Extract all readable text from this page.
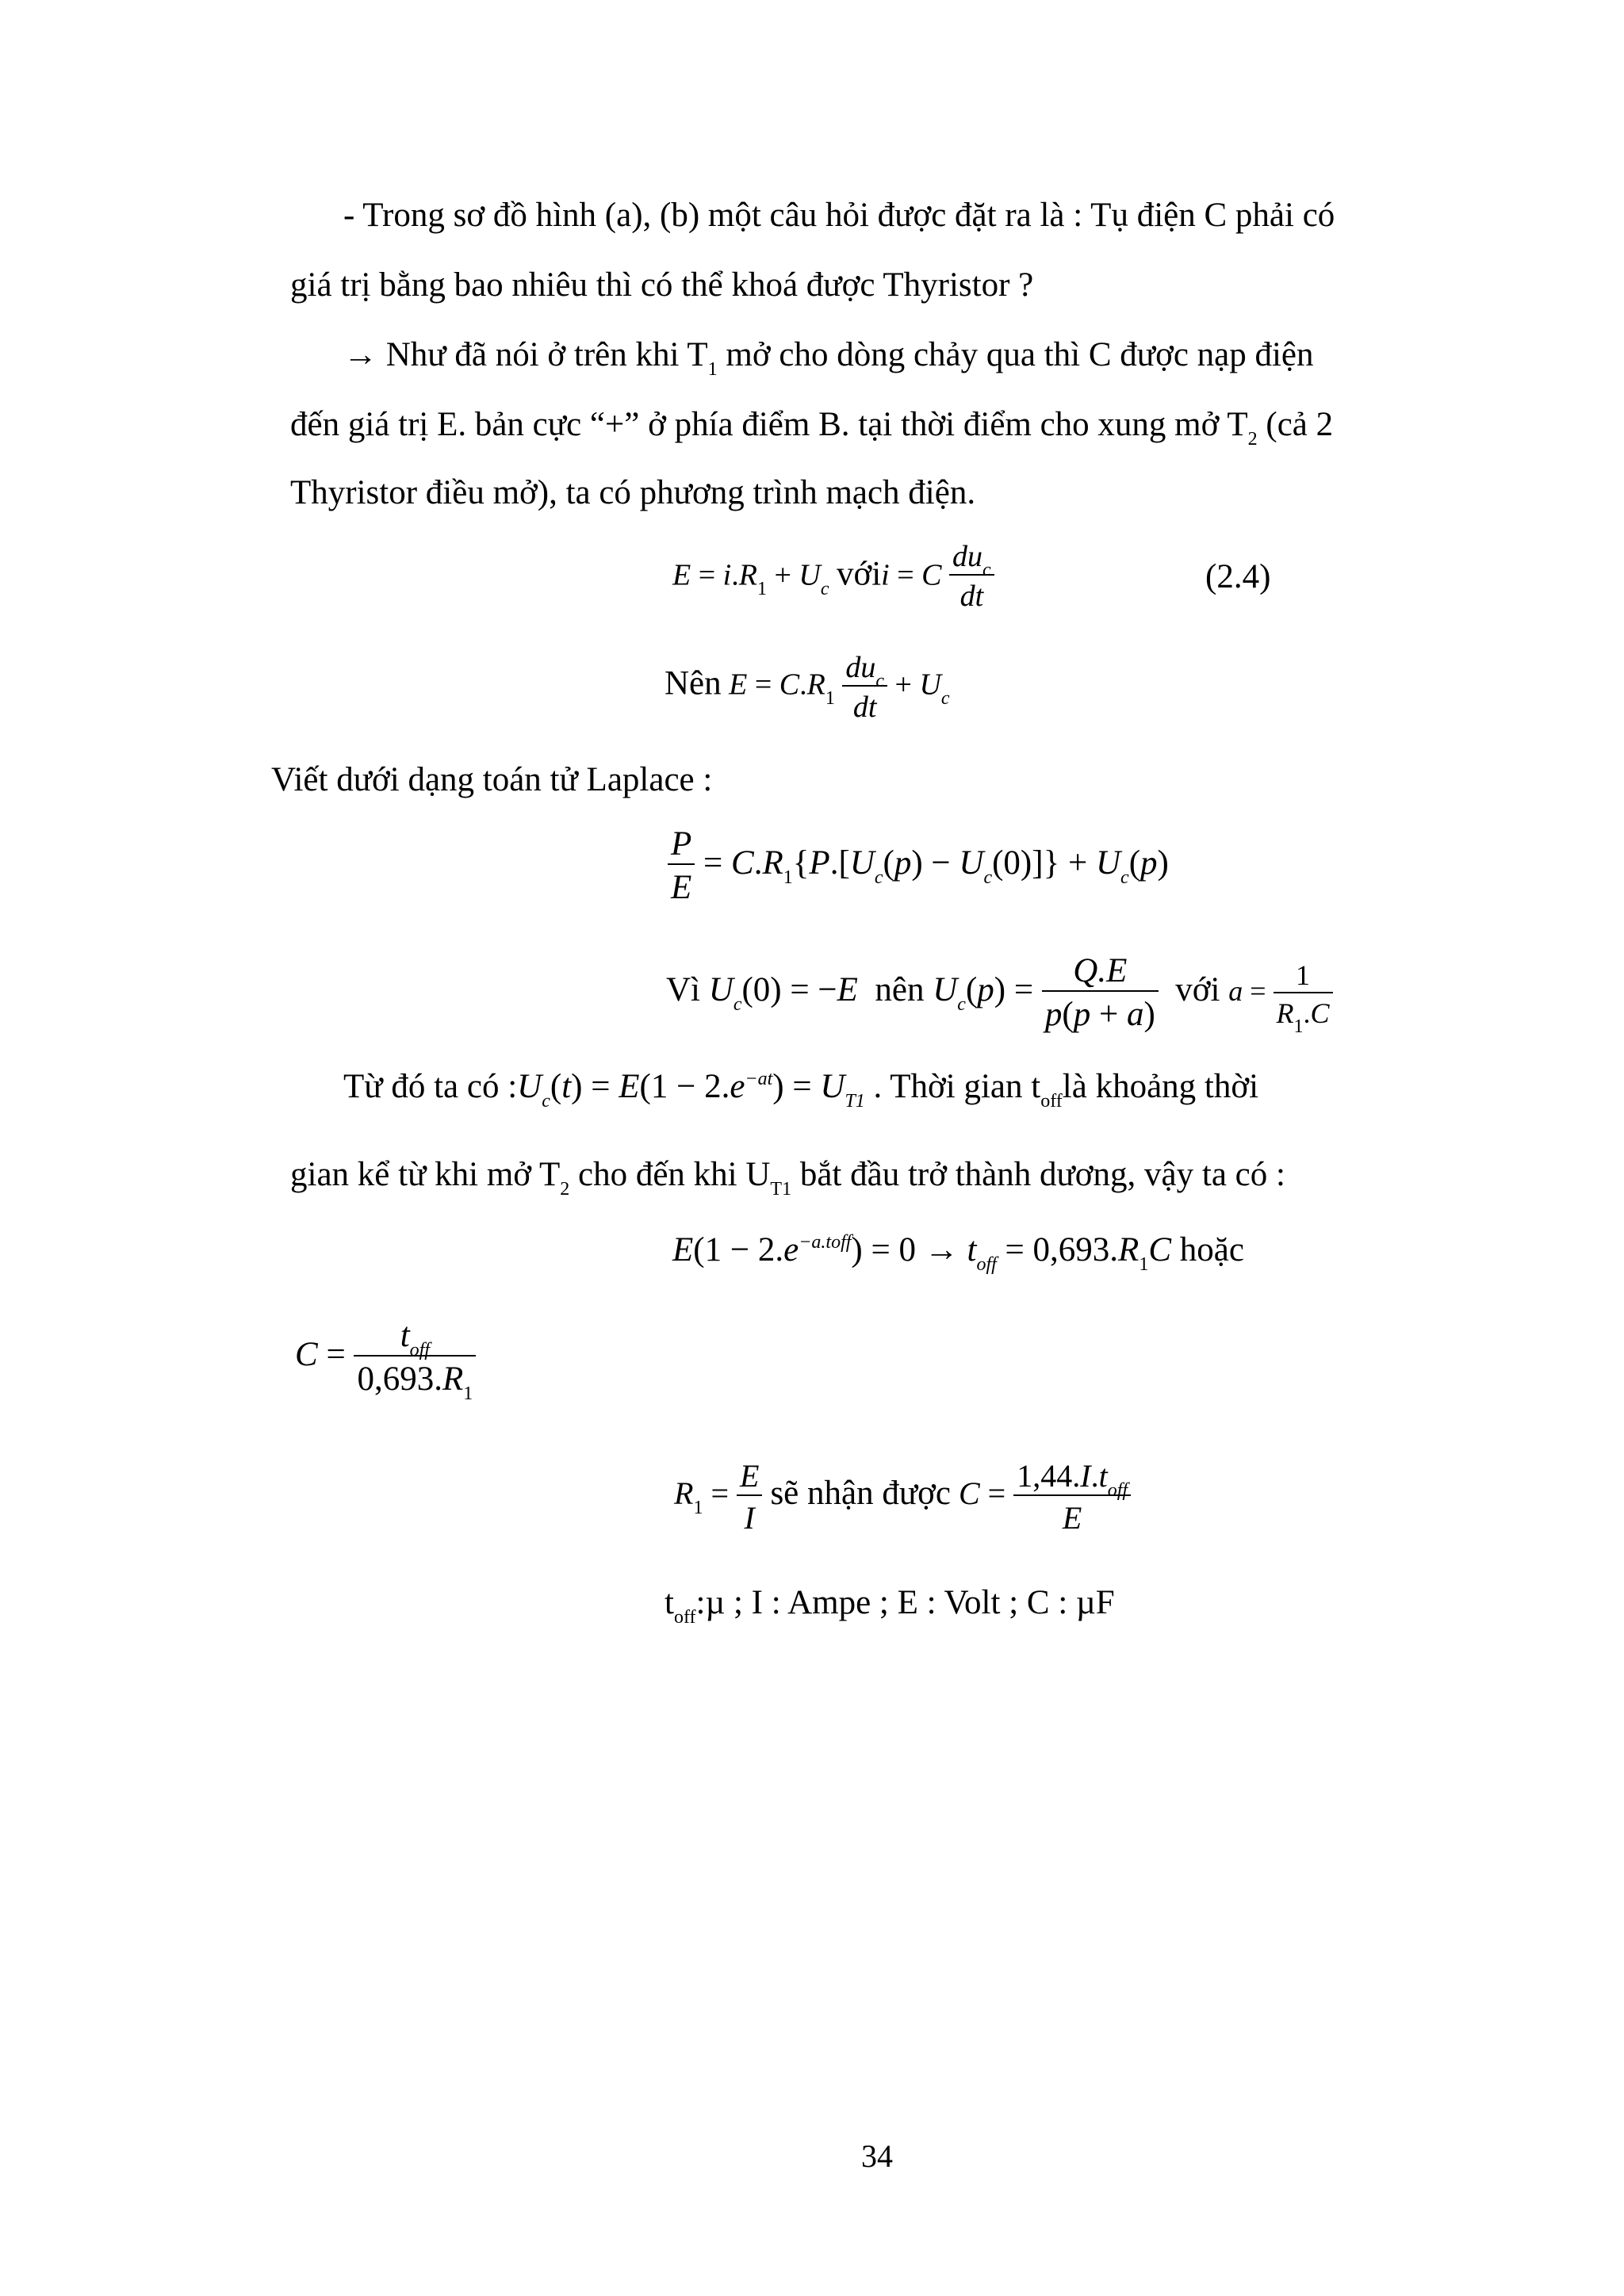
- Trong sơ đồ hình (a), (b) một câu hỏi được đặt ra là : Tụ điện C phải có
giá trị bằng bao nhiêu thì có thể khoá được Thyristor ?
→ Như đã nói ở trên khi $T_1$ mở cho dòng chảy qua thì C được nạp điện
đến giá trị E. bản cực “+” ở phía điểm B. tại thời điểm cho xung mở $T_2$ (cả 2
Thyristor điều mở), ta có phương trình mạch điện.
$E = i.R_1 + U_c$ vớii = C $\frac{du_c}{dt}$	(2.4)
Nên $E = C.R_1 \frac{du_c}{dt} + U_c$
Viết dưới dạng toán tử Laplace :
$\frac{P}{E} = C.R_1\{P.[U_c(p) - U_c(0)]\} + U_c(p)$
Vì $U_c(0) = -E$ nên $U_c(p) = \frac{Q.E}{p(p + a)}$ với $a = \frac{1}{R_1.C}$
Từ đó ta có $:U_c(t) = E(1 - 2.e^{-at}) = U_{T1}$ . Thời gian $t_{off}là$ khoảng thời
gian kể từ khi mở $T_2$ cho đến khi $U_{T1}$ bắt đầu trở thành dương, vậy ta có :
$E(1 - 2.e^{-a.toff}) = 0 \to t_{off} = 0,693.R_1C$ hoặc
$C = \frac{t_{off}}{0,693.R_1}$
$R_1 = \frac{E}{I}$ sẽ nhận được $C = \frac{1,44.I.t_{off}}{E}$
$t_{off}:\mu$ ; I : Ampe ; E : Volt ; C : µF
34
